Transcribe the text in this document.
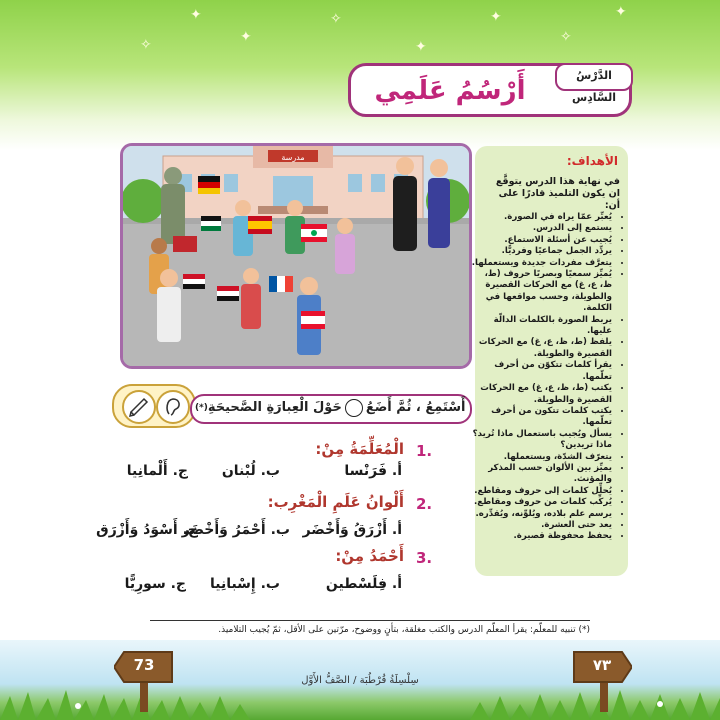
✦
✦
✧
✦
✦
✧
✦
✧
الدَّرْسُ السَّادِس
أَرْسُمُ عَلَمِي
مدرسة	الأهداف:
في نهاية هذا الدرس يتوقَّع ان يكون التلميذ قادرًا على أن:
• يُعبِّر عمّا يراه في الصورة.
• يستمع إلى الدرس.
• يُجيب عن أسئلة الاستماع.
• يردِّد الجمل جماعيًا وفرديًّا.
• يتعرَّف مفردات جديدة ويستعملها.
• يُميِّز سمعيًا وبصريًا حروف (ط، ظ، ع، غ) مع الحركات القصيرة والطويلة، وحسب مواقعها في الكلمة.
• يربط الصورة بالكلمات الدالّة عليها.
• يلفظ (ط، ظ، ع، غ) مع الحركات القصيرة والطويلة.
• يقرأ كلمات تتكوّن من أحرف تعلّمها.
• يكتب (ط، ظ، ع، غ) مع الحركات القصيرة والطويلة.
• يكتب كلمات تتكون من أحرف تعلّمها.
• يسأل ويُجيب باستعمال ماذا تُريد؟ ماذا تريدين؟
• يتعرّف الشدّة، ويستعملها.
• يميِّز بين الألوان حسب المذكر والمؤنث.
• يُحلِّل كلمات إلى حروف ومقاطع.
• يُركِّب كلمات من حروف ومقاطع.
• يرسم علم بلاده، ويُلوِّنه، ويُقدِّره.
• يعد حتى العشرة.
• يحفظ محفوظة قصيرة.
أَسْتَمِعُ ، ثُمَّ أَضَعُحَوْلَ الْعِبارَةِ الصَّحيحَةِ(*)
1.
الْمُعَلِّمَةُ مِنْ:
أ. فَرَنْسا
ب. لُبْنان
ج. أَلْمانِيا
2.
أَلْوانُ عَلَمِ الْمَغْرِب:
أ. أَزْرَقُ وَأَخْضَر
ب. أَحْمَرُ وَأَخْضَر
ج. أَسْوَدُ وَأَزْرَق
3.
أَحْمَدُ مِنْ:
أ. فِلَسْطين
ب. إِسْبانِيا
ج. سورِيًّا
(*) تنبيه للمعلّم: يقرأ المعلّم الدرس والكتب مغلقة، بتأنٍ ووضوح، مرّتين على الأقل، ثمّ يُجيب التلاميذ.
سِلْسِلَةُ قُرْطُبَة / الصَّفُّ الأَوَّل
73	٧٣
